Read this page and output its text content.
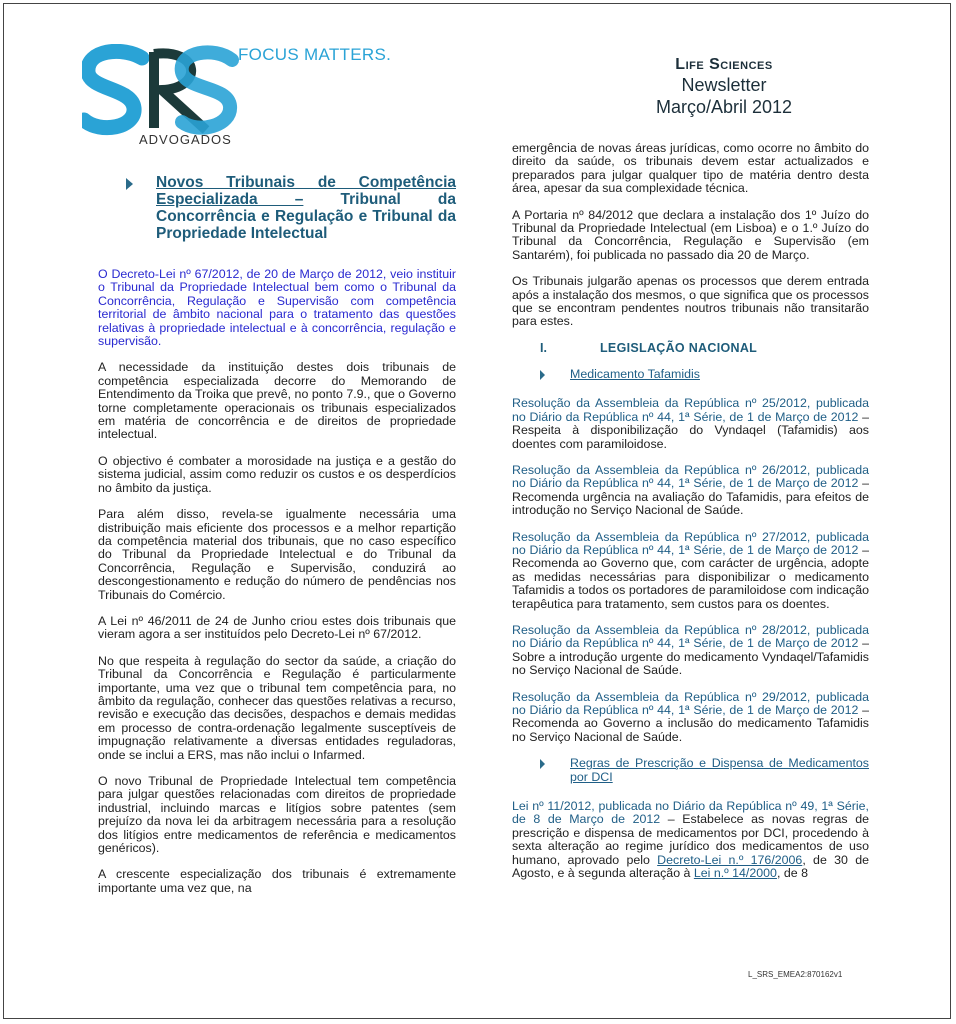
FOCUS MATTERS.
ADVOGADOS
Life Sciences
Newsletter
Março/Abril 2012
Novos Tribunais de Competência Especializada – Tribunal da Concorrência e Regulação e Tribunal da Propriedade Intelectual

O Decreto-Lei nº 67/2012, de 20 de Março de 2012, veio instituir o Tribunal da Propriedade Intelectual bem como o Tribunal da Concorrência, Regulação e Supervisão com competência territorial de âmbito nacional para o tratamento das questões relativas à propriedade intelectual e à concorrência, regulação e supervisão.

A necessidade da instituição destes dois tribunais de competência especializada decorre do Memorando de Entendimento da Troika que prevê, no ponto 7.9., que o Governo torne completamente operacionais os tribunais especializados em matéria de concorrência e de direitos de propriedade intelectual.

O objectivo é combater a morosidade na justiça e a gestão do sistema judicial, assim como reduzir os custos e os desperdícios no âmbito da justiça.

Para além disso, revela-se igualmente necessária uma distribuição mais eficiente dos processos e a melhor repartição da competência material dos tribunais, que no caso específico do Tribunal da Propriedade Intelectual e do Tribunal da Concorrência, Regulação e Supervisão, conduzirá ao descongestionamento e redução do número de pendências nos Tribunais do Comércio.

A Lei nº 46/2011 de 24 de Junho criou estes dois tribunais que vieram agora a ser instituídos pelo Decreto-Lei nº 67/2012.

No que respeita à regulação do sector da saúde, a criação do Tribunal da Concorrência e Regulação é particularmente importante, uma vez que o tribunal tem competência para, no âmbito da regulação, conhecer das questões relativas a recurso, revisão e execução das decisões, despachos e demais medidas em processo de contra-ordenação legalmente susceptíveis de impugnação relativamente a diversas entidades reguladoras, onde se inclui a ERS, mas não inclui o Infarmed.

O novo Tribunal de Propriedade Intelectual tem competência para julgar questões relacionadas com direitos de propriedade industrial, incluindo marcas e litígios sobre patentes (sem prejuízo da nova lei da arbitragem necessária para a resolução dos litígios entre medicamentos de referência e medicamentos genéricos).

A crescente especialização dos tribunais é extremamente importante uma vez que, na

emergência de novas áreas jurídicas, como ocorre no âmbito do direito da saúde, os tribunais devem estar actualizados e preparados para julgar qualquer tipo de matéria dentro desta área, apesar da sua complexidade técnica.

A Portaria nº 84/2012 que declara a instalação dos 1º Juízo do Tribunal da Propriedade Intelectual (em Lisboa) e o 1.º Juízo do Tribunal da Concorrência, Regulação e Supervisão (em Santarém), foi publicada no passado dia 20 de Março.

Os Tribunais julgarão apenas os processos que derem entrada após a instalação dos mesmos, o que significa que os processos que se encontram pendentes noutros tribunais não transitarão para estes.

I.	LEGISLAÇÃO NACIONAL
Medicamento Tafamidis

Resolução da Assembleia da República nº 25/2012, publicada no Diário da República nº 44, 1ª Série, de 1 de Março de 2012 – Respeita à disponibilização do Vyndaqel (Tafamidis) aos doentes com paramiloidose.

Resolução da Assembleia da República nº 26/2012, publicada no Diário da República nº 44, 1ª Série, de 1 de Março de 2012 – Recomenda urgência na avaliação do Tafamidis, para efeitos de introdução no Serviço Nacional de Saúde.

Resolução da Assembleia da República nº 27/2012, publicada no Diário da República nº 44, 1ª Série, de 1 de Março de 2012 – Recomenda ao Governo que, com carácter de urgência, adopte as medidas necessárias para disponibilizar o medicamento Tafamidis a todos os portadores de paramiloidose com indicação terapêutica para tratamento, sem custos para os doentes.

Resolução da Assembleia da República nº 28/2012, publicada no Diário da República nº 44, 1ª Série, de 1 de Março de 2012 – Sobre a introdução urgente do medicamento Vyndaqel/Tafamidis no Serviço Nacional de Saúde.

Resolução da Assembleia da República nº 29/2012, publicada no Diário da República nº 44, 1ª Série, de 1 de Março de 2012 – Recomenda ao Governo a inclusão do medicamento Tafamidis no Serviço Nacional de Saúde.

Regras de Prescrição e Dispensa de Medicamentos por DCI

Lei nº 11/2012, publicada no Diário da República nº 49, 1ª Série, de 8 de Março de 2012 – Estabelece as novas regras de prescrição e dispensa de medicamentos por DCI, procedendo à sexta alteração ao regime jurídico dos medicamentos de uso humano, aprovado pelo Decreto-Lei n.º 176/2006, de 30 de Agosto, e à segunda alteração à Lei n.º 14/2000, de 8

L_SRS_EMEA2:870162v1
